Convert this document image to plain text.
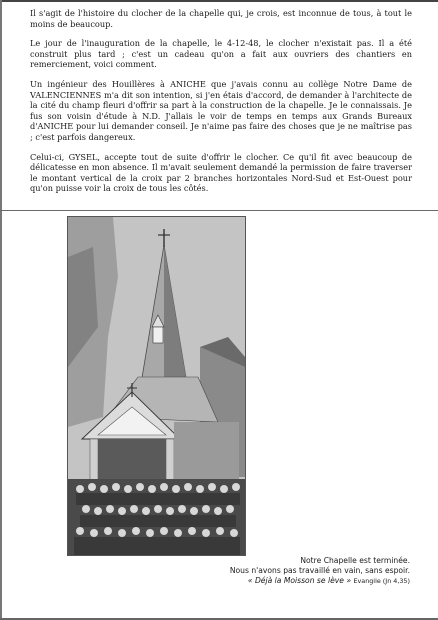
Il s'agit de l'histoire du clocher de la chapelle qui, je crois, est inconnue de tous, à tout le moins de beaucoup.

Le jour de l'inauguration de la chapelle, le 4-12-48, le clocher n'existait pas. Il a été construit plus tard ; c'est un cadeau qu'on a fait aux ouvriers des chantiers en remerciement, voici comment.

Un ingénieur des Houillères à ANICHE que j'avais connu au collège Notre Dame de VALENCIENNES m'a dit son intention, si j'en étais d'accord, de demander à l'architecte de la cité du champ fleuri d'offrir sa part à la construction de la chapelle. Je le connaissais. Je fus son voisin d'étude à N.D. J'allais le voir de temps en temps aux Grands Bureaux d'ANICHE pour lui demander conseil. Je n'aime pas faire des choses que je ne maîtrise pas ; c'est parfois dangereux.

Celui-ci, GYSEL, accepte tout de suite d'offrir le clocher. Ce qu'il fit avec beaucoup de délicatesse en mon absence. Il m'avait seulement demandé la permission de faire traverser le montant vertical de la croix par 2 branches horizontales Nord-Sud et Est-Ouest pour qu'on puisse voir la croix de tous les côtés.

Notre Chapelle est terminée.
Nous n'avons pas travaillé en vain, sans espoir.
« Déjà la Moisson se lève » Evangile (Jn 4,35)
